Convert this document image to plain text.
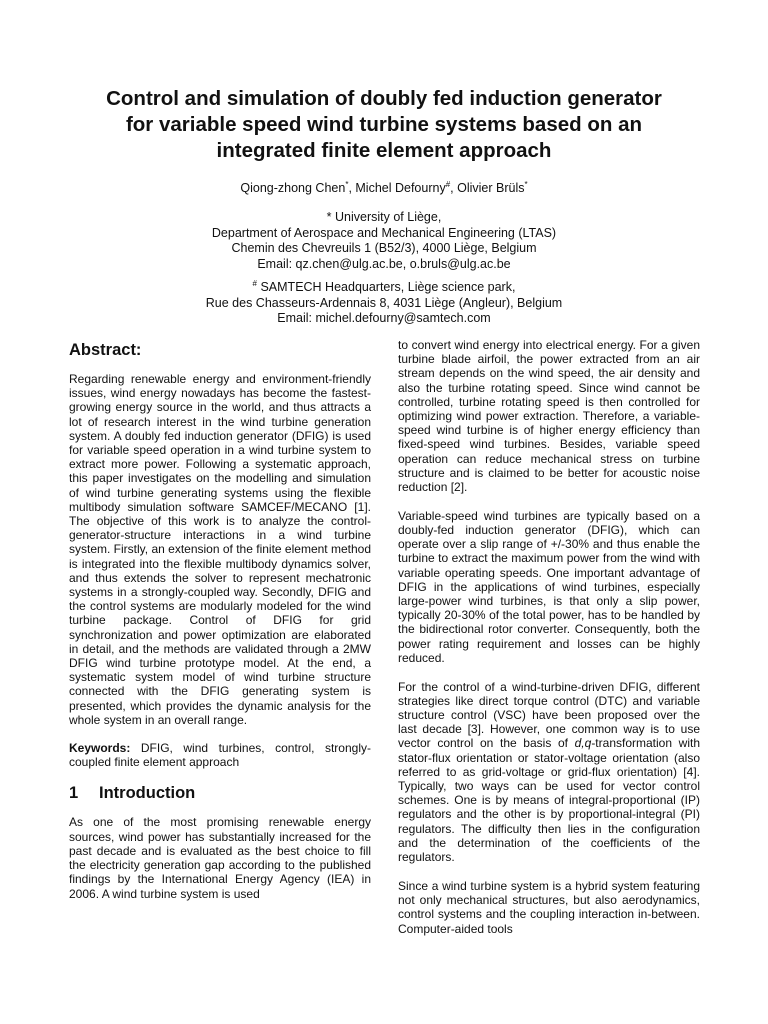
Control and simulation of doubly fed induction generator
for variable speed wind turbine systems based on an
integrated finite element approach
Qiong-zhong Chen*, Michel Defourny#, Olivier Brüls*
* University of Liège,
Department of Aerospace and Mechanical Engineering (LTAS)
Chemin des Chevreuils 1 (B52/3), 4000 Liège, Belgium
Email: qz.chen@ulg.ac.be, o.bruls@ulg.ac.be
# SAMTECH Headquarters, Liège science park,
Rue des Chasseurs-Ardennais 8, 4031 Liège (Angleur), Belgium
Email: michel.defourny@samtech.com
Abstract:

Regarding renewable energy and environment-friendly issues, wind energy nowadays has become the fastest-growing energy source in the world, and thus attracts a lot of research interest in the wind turbine generation system. A doubly fed induction generator (DFIG) is used for variable speed operation in a wind turbine system to extract more power. Following a systematic approach, this paper investigates on the modelling and simulation of wind turbine generating systems using the flexible multibody simulation software SAMCEF/MECANO [1]. The objective of this work is to analyze the control-generator-structure interactions in a wind turbine system. Firstly, an extension of the finite element method is integrated into the flexible multibody dynamics solver, and thus extends the solver to represent mechatronic systems in a strongly-coupled way. Secondly, DFIG and the control systems are modularly modeled for the wind turbine package. Control of DFIG for grid synchronization and power optimization are elaborated in detail, and the methods are validated through a 2MW DFIG wind turbine prototype model. At the end, a systematic system model of wind turbine structure connected with the DFIG generating system is presented, which provides the dynamic analysis for the whole system in an overall range.

Keywords: DFIG, wind turbines, control, strongly-coupled finite element approach

1 Introduction

As one of the most promising renewable energy sources, wind power has substantially increased for the past decade and is evaluated as the best choice to fill the electricity generation gap according to the published findings by the International Energy Agency (IEA) in 2006. A wind turbine system is used

to convert wind energy into electrical energy. For a given turbine blade airfoil, the power extracted from an air stream depends on the wind speed, the air density and also the turbine rotating speed. Since wind cannot be controlled, turbine rotating speed is then controlled for optimizing wind power extraction. Therefore, a variable-speed wind turbine is of higher energy efficiency than fixed-speed wind turbines. Besides, variable speed operation can reduce mechanical stress on turbine structure and is claimed to be better for acoustic noise reduction [2].

Variable-speed wind turbines are typically based on a doubly-fed induction generator (DFIG), which can operate over a slip range of +/-30% and thus enable the turbine to extract the maximum power from the wind with variable operating speeds. One important advantage of DFIG in the applications of wind turbines, especially large-power wind turbines, is that only a slip power, typically 20-30% of the total power, has to be handled by the bidirectional rotor converter. Consequently, both the power rating requirement and losses can be highly reduced.

For the control of a wind-turbine-driven DFIG, different strategies like direct torque control (DTC) and variable structure control (VSC) have been proposed over the last decade [3]. However, one common way is to use vector control on the basis of d,q-transformation with stator-flux orientation or stator-voltage orientation (also referred to as grid-voltage or grid-flux orientation) [4]. Typically, two ways can be used for vector control schemes. One is by means of integral-proportional (IP) regulators and the other is by proportional-integral (PI) regulators. The difficulty then lies in the configuration and the determination of the coefficients of the regulators.

Since a wind turbine system is a hybrid system featuring not only mechanical structures, but also aerodynamics, control systems and the coupling interaction in-between. Computer-aided tools
